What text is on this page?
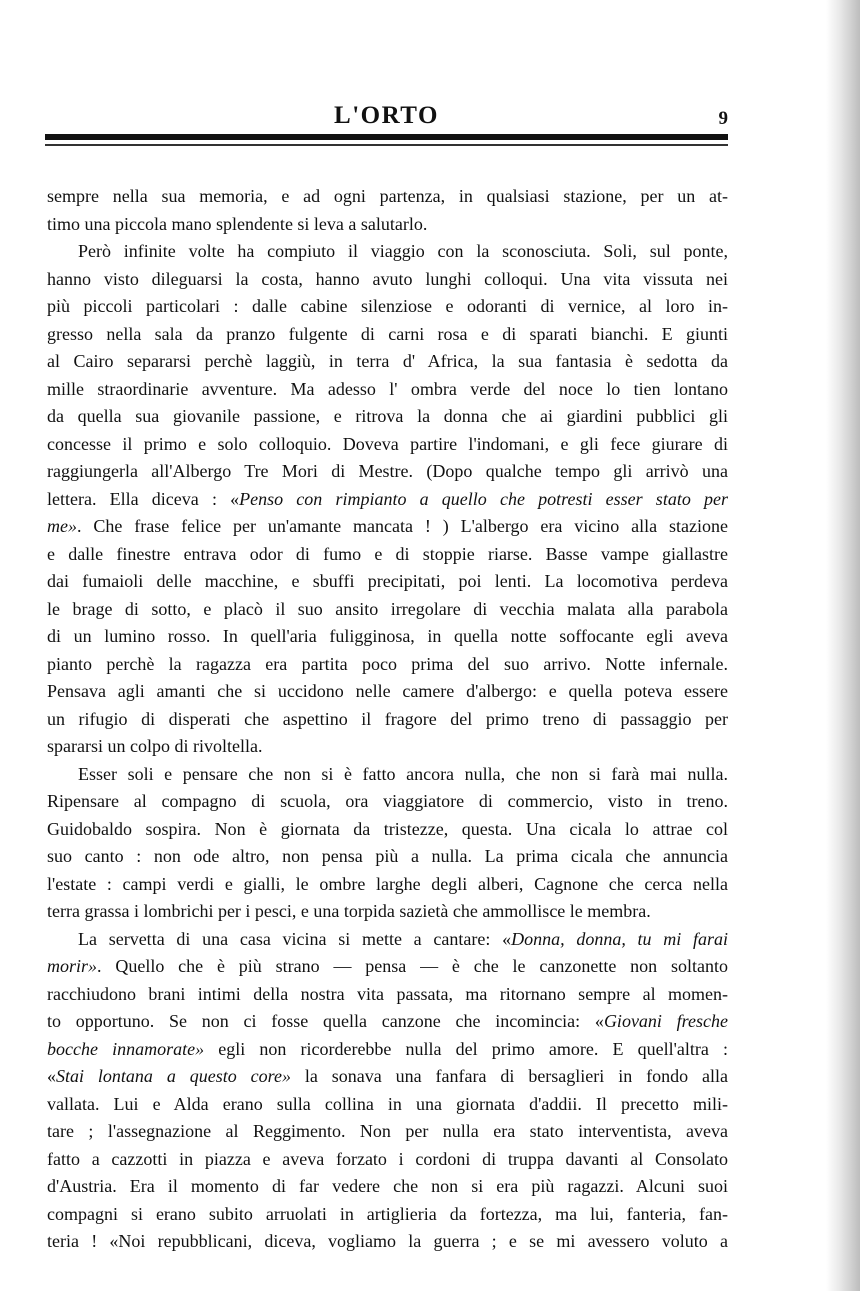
L'ORTO	9
sempre nella sua memoria, e ad ogni partenza, in qualsiasi stazione, per un at-
timo una piccola mano splendente si leva a salutarlo.
Però infinite volte ha compiuto il viaggio con la sconosciuta. Soli, sul ponte,
hanno visto dileguarsi la costa, hanno avuto lunghi colloqui. Una vita vissuta nei
più piccoli particolari : dalle cabine silenziose e odoranti di vernice, al loro in-
gresso nella sala da pranzo fulgente di carni rosa e di sparati bianchi. E giunti
al Cairo separarsi perchè laggiù, in terra d' Africa, la sua fantasia è sedotta da
mille straordinarie avventure. Ma adesso l' ombra verde del noce lo tien lontano
da quella sua giovanile passione, e ritrova la donna che ai giardini pubblici gli
concesse il primo e solo colloquio. Doveva partire l'indomani, e gli fece giurare di
raggiungerla all'Albergo Tre Mori di Mestre. (Dopo qualche tempo gli arrivò una
lettera. Ella diceva : «Penso con rimpianto a quello che potresti esser stato per
me». Che frase felice per un'amante mancata ! ) L'albergo era vicino alla stazione
e dalle finestre entrava odor di fumo e di stoppie riarse. Basse vampe giallastre
dai fumaioli delle macchine, e sbuffi precipitati, poi lenti. La locomotiva perdeva
le brage di sotto, e placò il suo ansito irregolare di vecchia malata alla parabola
di un lumino rosso. In quell'aria fuligginosa, in quella notte soffocante egli aveva
pianto perchè la ragazza era partita poco prima del suo arrivo. Notte infernale.
Pensava agli amanti che si uccidono nelle camere d'albergo: e quella poteva essere
un rifugio di disperati che aspettino il fragore del primo treno di passaggio per
spararsi un colpo di rivoltella.
Esser soli e pensare che non si è fatto ancora nulla, che non si farà mai nulla.
Ripensare al compagno di scuola, ora viaggiatore di commercio, visto in treno.
Guidobaldo sospira. Non è giornata da tristezze, questa. Una cicala lo attrae col
suo canto : non ode altro, non pensa più a nulla. La prima cicala che annuncia
l'estate : campi verdi e gialli, le ombre larghe degli alberi, Cagnone che cerca nella
terra grassa i lombrichi per i pesci, e una torpida sazietà che ammollisce le membra.
La servetta di una casa vicina si mette a cantare: «Donna, donna, tu mi farai
morir». Quello che è più strano — pensa — è che le canzonette non soltanto
racchiudono brani intimi della nostra vita passata, ma ritornano sempre al momen-
to opportuno. Se non ci fosse quella canzone che incomincia: «Giovani fresche
bocche innamorate» egli non ricorderebbe nulla del primo amore. E quell'altra :
«Stai lontana a questo core» la sonava una fanfara di bersaglieri in fondo alla
vallata. Lui e Alda erano sulla collina in una giornata d'addii. Il precetto mili-
tare ; l'assegnazione al Reggimento. Non per nulla era stato interventista, aveva
fatto a cazzotti in piazza e aveva forzato i cordoni di truppa davanti al Consolato
d'Austria. Era il momento di far vedere che non si era più ragazzi. Alcuni suoi
compagni si erano subito arruolati in artiglieria da fortezza, ma lui, fanteria, fan-
teria ! «Noi repubblicani, diceva, vogliamo la guerra ; e se mi avessero voluto a
